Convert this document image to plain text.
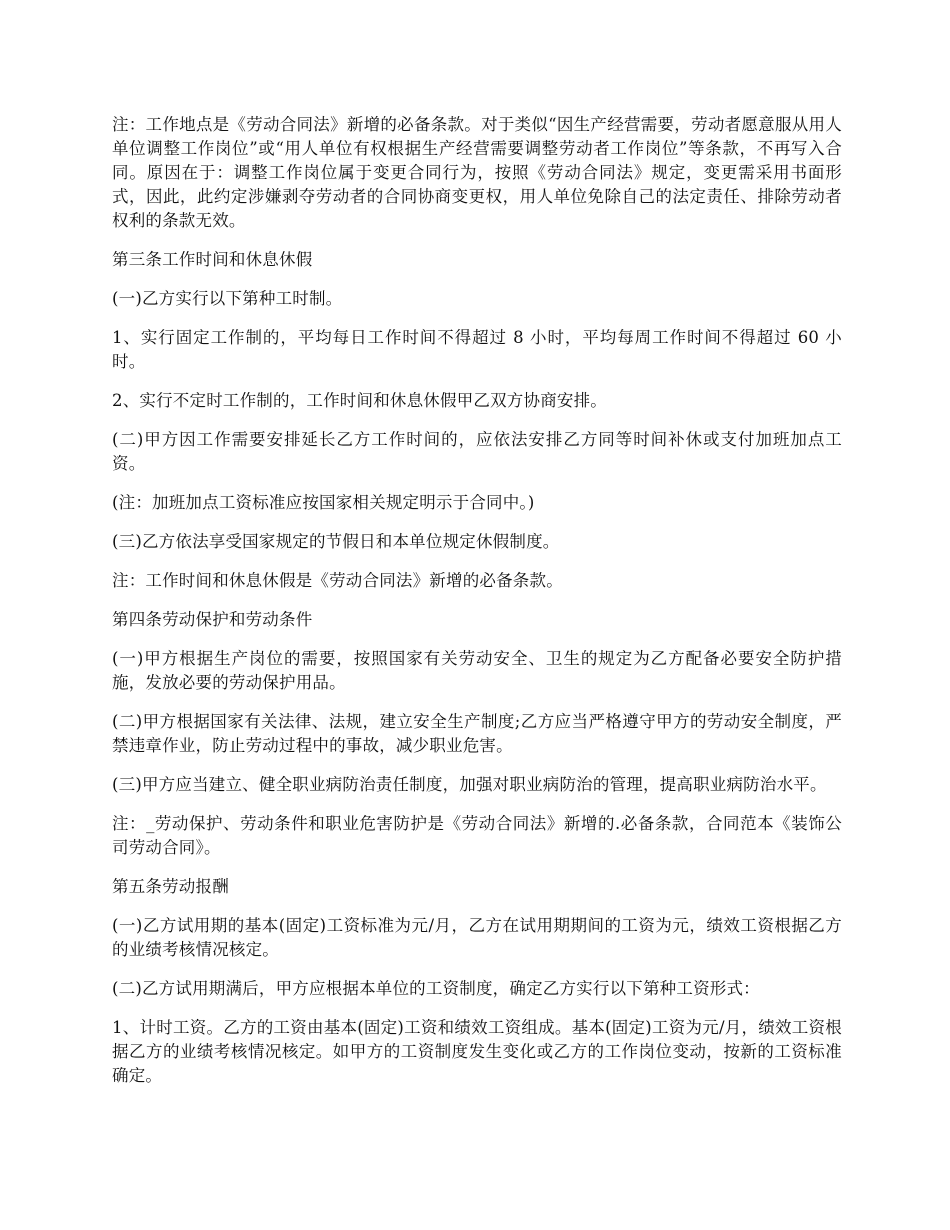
注：工作地点是《劳动合同法》新增的必备条款。对于类似“因生产经营需要，劳动者愿意服从用人单位调整工作岗位”或“用人单位有权根据生产经营需要调整劳动者工作岗位”等条款，不再写入合同。原因在于：调整工作岗位属于变更合同行为，按照《劳动合同法》规定，变更需采用书面形式，因此，此约定涉嫌剥夺劳动者的合同协商变更权，用人单位免除自己的法定责任、排除劳动者权利的条款无效。

第三条工作时间和休息休假

(一)乙方实行以下第种工时制。

1、实行固定工作制的，平均每日工作时间不得超过 8 小时，平均每周工作时间不得超过 60 小时。

2、实行不定时工作制的，工作时间和休息休假甲乙双方协商安排。

(二)甲方因工作需要安排延长乙方工作时间的，应依法安排乙方同等时间补休或支付加班加点工资。

(注：加班加点工资标准应按国家相关规定明示于合同中。)

(三)乙方依法享受国家规定的节假日和本单位规定休假制度。

注：工作时间和休息休假是《劳动合同法》新增的必备条款。

第四条劳动保护和劳动条件

(一)甲方根据生产岗位的需要，按照国家有关劳动安全、卫生的规定为乙方配备必要安全防护措施，发放必要的劳动保护用品。

(二)甲方根据国家有关法律、法规，建立安全生产制度;乙方应当严格遵守甲方的劳动安全制度，严禁违章作业，防止劳动过程中的事故，减少职业危害。

(三)甲方应当建立、健全职业病防治责任制度，加强对职业病防治的管理，提高职业病防治水平。

注：_劳动保护、劳动条件和职业危害防护是《劳动合同法》新增的.必备条款，合同范本《装饰公司劳动合同》。

第五条劳动报酬

(一)乙方试用期的基本(固定)工资标准为元/月，乙方在试用期期间的工资为元，绩效工资根据乙方的业绩考核情况核定。

(二)乙方试用期满后，甲方应根据本单位的工资制度，确定乙方实行以下第种工资形式：

1、计时工资。乙方的工资由基本(固定)工资和绩效工资组成。基本(固定)工资为元/月，绩效工资根据乙方的业绩考核情况核定。如甲方的工资制度发生变化或乙方的工作岗位变动，按新的工资标准确定。
